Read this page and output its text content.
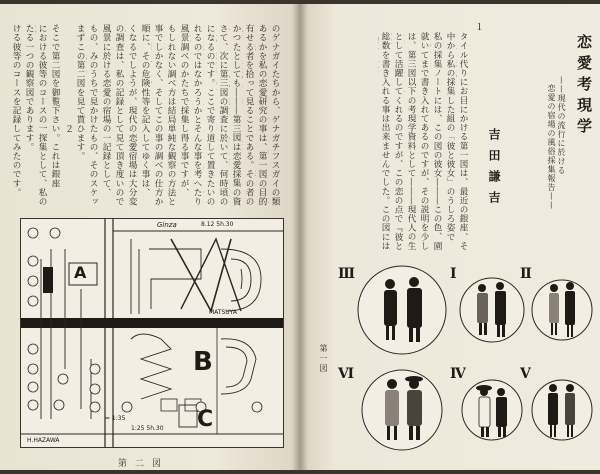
のゲナガイたちから、ゲナガチフスガイの類
あるかを私の恋愛研究の事は、第一図の目的
有せる者を拾って見ることである。その者の
かつたとしても―――第三図は恋愛採集の資
さて、次に第三図の調査に於いて、何時頃の
になるのです。ここで寄り道して置きたいの
れるのではなかろうかとそんな事を考へたり
風景調べのかたちで採集し得る事ですが、
もしれない調べ方は結局単純な観察の方法と
事でしかなく、そしてこの事の調べの仕方か
順に、その危険性等を記入してゆく事は、
くなるでしようが、現代の恋愛宿場は大分変
の調査は、私の記録として見て頂き度いので
風景に於ける恋愛の宿場の一記録として、
もの、みのうちで見かけたもの、そのスケッ
まずこの第二図を見て貰ひます。
２
そこで第二図を御覧下さい。これは銀座
における彼等のコースの一探集として、私の
たる一つの観察図であります。
ける彼等のコースを記録してみたのです。
A
B
C
Ginza	8.12 5h.30
MATSUYA
H.HAZAWA
= 1:35
1:25 5h.30
第二図
恋愛考現学
——現代の流行に於ける
恋愛の宿場の風俗採集報告——
吉田謙吉
１
タイル代りにお目にかける第一図は、最近の銀座、そ
中から私の採集した組の「彼と彼女」のうしろ姿で
私の採集ノートには、この図の彼女―――この色、園
就いてまで書き入れてあるのですが、その説明を少し
は、第三図以下の考現学資料として―――現代人の生
として活躍してくれるのですが、この恋の点で『彼と
総数を書き入れる事は出来ませんでした。この図には
Ⅰ	Ⅱ
Ⅲ
Ⅳ	Ⅴ
Ⅵ
第一図
